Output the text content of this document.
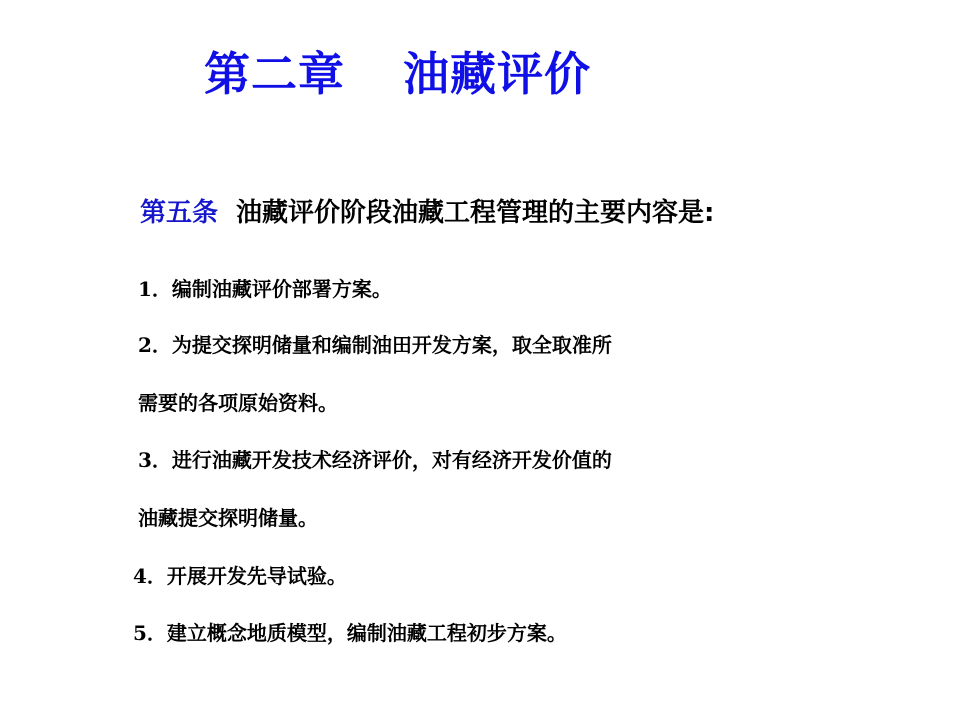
第二章 油藏评价
第五条 油藏评价阶段油藏工程管理的主要内容是:
1．编制油藏评价部署方案。
2．为提交探明储量和编制油田开发方案，取全取准所
需要的各项原始资料。
3．进行油藏开发技术经济评价，对有经济开发价值的
油藏提交探明储量。
4．开展开发先导试验。
5．建立概念地质模型，编制油藏工程初步方案。
